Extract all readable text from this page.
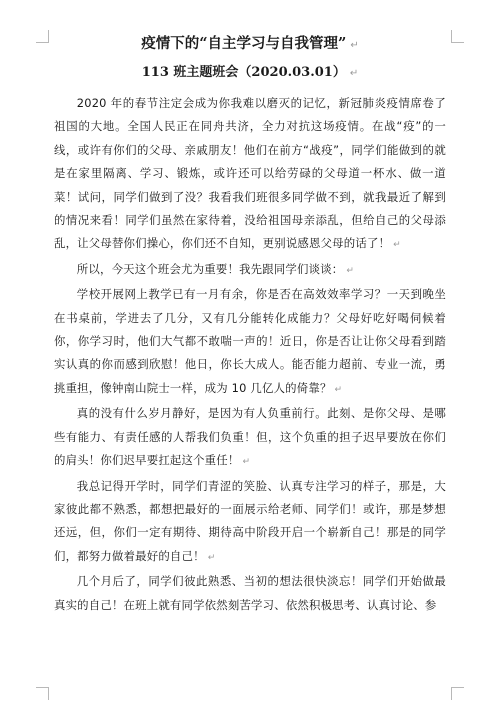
疫情下的“自主学习与自我管理” ↵
113 班主题班会（2020.03.01） ↵

2020 年的春节注定会成为你我难以磨灭的记忆，新冠肺炎疫情席卷了祖国的大地。全国人民正在同舟共济，全力对抗这场疫情。在战“疫”的一线，或许有你们的父母、亲戚朋友！他们在前方“战疫”，同学们能做到的就是在家里隔离、学习、锻炼，或许还可以给劳碌的父母道一杯水、做一道菜！试问，同学们做到了没？我看我们班很多同学做不到，就我最近了解到的情况来看！同学们虽然在家待着，没给祖国母亲添乱，但给自己的父母添乱，让父母替你们操心，你们还不自知，更别说感恩父母的话了！ ↵

所以，今天这个班会尤为重要！我先跟同学们谈谈： ↵

学校开展网上教学已有一月有余，你是否在高效效率学习？一天到晚坐在书桌前，学进去了几分，又有几分能转化成能力？父母好吃好喝伺候着你，你学习时，他们大气都不敢喘一声的！近日，你是否让让你父母看到踏实认真的你而感到欣慰！他日，你长大成人。能否能力超前、专业一流，勇挑重担，像钟南山院士一样，成为 10 几亿人的倚靠？ ↵

真的没有什么岁月静好，是因为有人负重前行。此刻、是你父母、是哪些有能力、有责任感的人帮我们负重！但，这个负重的担子迟早要放在你们的肩头！你们迟早要扛起这个重任！ ↵

我总记得开学时，同学们青涩的笑脸、认真专注学习的样子，那是，大家彼此都不熟悉，都想把最好的一面展示给老师、同学们！或许，那是梦想还远，但，你们一定有期待、期待高中阶段开启一个崭新自己！那是的同学们，都努力做着最好的自己！ ↵

几个月后了，同学们彼此熟悉、当初的想法很快淡忘！同学们开始做最真实的自己！在班上就有同学依然刻苦学习、依然积极思考、认真讨论、参
